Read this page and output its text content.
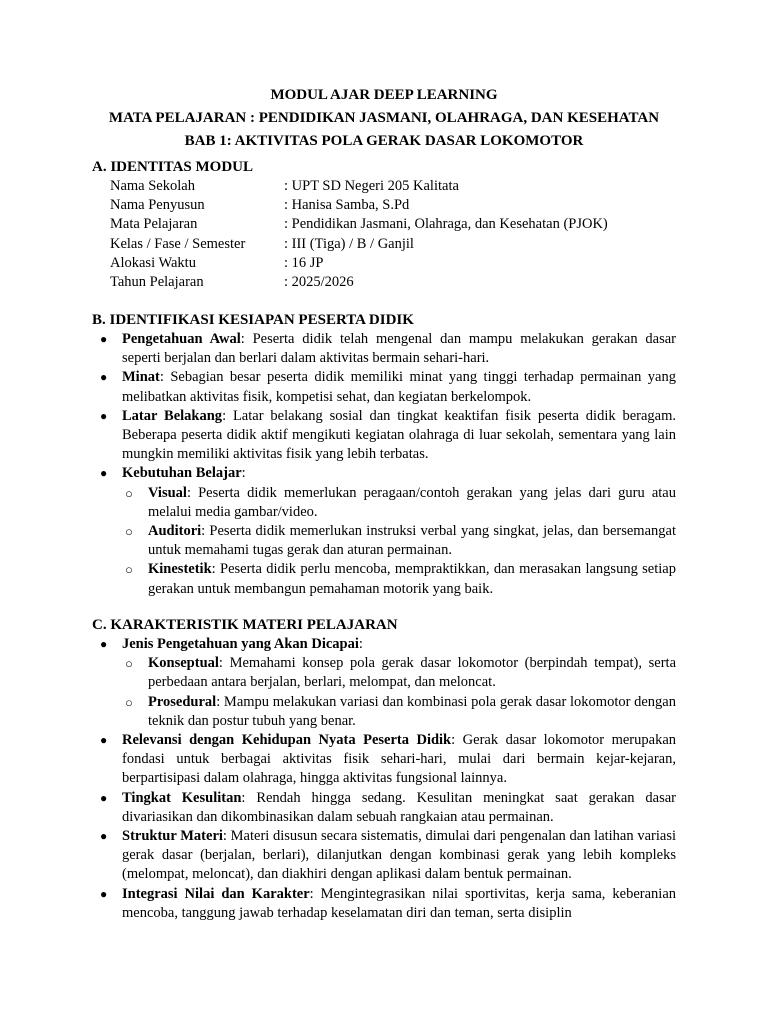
MODUL AJAR DEEP LEARNING
MATA PELAJARAN : PENDIDIKAN JASMANI, OLAHRAGA, DAN KESEHATAN
BAB 1: AKTIVITAS POLA GERAK DASAR LOKOMOTOR
A. IDENTITAS MODUL
Nama Sekolah	: UPT SD Negeri 205 Kalitata
Nama Penyusun	: Hanisa Samba, S.Pd
Mata Pelajaran	: Pendidikan Jasmani, Olahraga, dan Kesehatan (PJOK)
Kelas / Fase / Semester	: III (Tiga) / B / Ganjil
Alokasi Waktu	: 16 JP
Tahun Pelajaran	: 2025/2026
B. IDENTIFIKASI KESIAPAN PESERTA DIDIK
● Pengetahuan Awal: Peserta didik telah mengenal dan mampu melakukan gerakan dasar seperti berjalan dan berlari dalam aktivitas bermain sehari-hari.
● Minat: Sebagian besar peserta didik memiliki minat yang tinggi terhadap permainan yang melibatkan aktivitas fisik, kompetisi sehat, dan kegiatan berkelompok.
● Latar Belakang: Latar belakang sosial dan tingkat keaktifan fisik peserta didik beragam. Beberapa peserta didik aktif mengikuti kegiatan olahraga di luar sekolah, sementara yang lain mungkin memiliki aktivitas fisik yang lebih terbatas.
● Kebutuhan Belajar:
○ Visual: Peserta didik memerlukan peragaan/contoh gerakan yang jelas dari guru atau melalui media gambar/video.
○ Auditori: Peserta didik memerlukan instruksi verbal yang singkat, jelas, dan bersemangat untuk memahami tugas gerak dan aturan permainan.
○ Kinestetik: Peserta didik perlu mencoba, mempraktikkan, dan merasakan langsung setiap gerakan untuk membangun pemahaman motorik yang baik.
C. KARAKTERISTIK MATERI PELAJARAN
● Jenis Pengetahuan yang Akan Dicapai:
○ Konseptual: Memahami konsep pola gerak dasar lokomotor (berpindah tempat), serta perbedaan antara berjalan, berlari, melompat, dan meloncat.
○ Prosedural: Mampu melakukan variasi dan kombinasi pola gerak dasar lokomotor dengan teknik dan postur tubuh yang benar.
● Relevansi dengan Kehidupan Nyata Peserta Didik: Gerak dasar lokomotor merupakan fondasi untuk berbagai aktivitas fisik sehari-hari, mulai dari bermain kejar-kejaran, berpartisipasi dalam olahraga, hingga aktivitas fungsional lainnya.
● Tingkat Kesulitan: Rendah hingga sedang. Kesulitan meningkat saat gerakan dasar divariasikan dan dikombinasikan dalam sebuah rangkaian atau permainan.
● Struktur Materi: Materi disusun secara sistematis, dimulai dari pengenalan dan latihan variasi gerak dasar (berjalan, berlari), dilanjutkan dengan kombinasi gerak yang lebih kompleks (melompat, meloncat), dan diakhiri dengan aplikasi dalam bentuk permainan.
● Integrasi Nilai dan Karakter: Mengintegrasikan nilai sportivitas, kerja sama, keberanian mencoba, tanggung jawab terhadap keselamatan diri dan teman, serta disiplin
